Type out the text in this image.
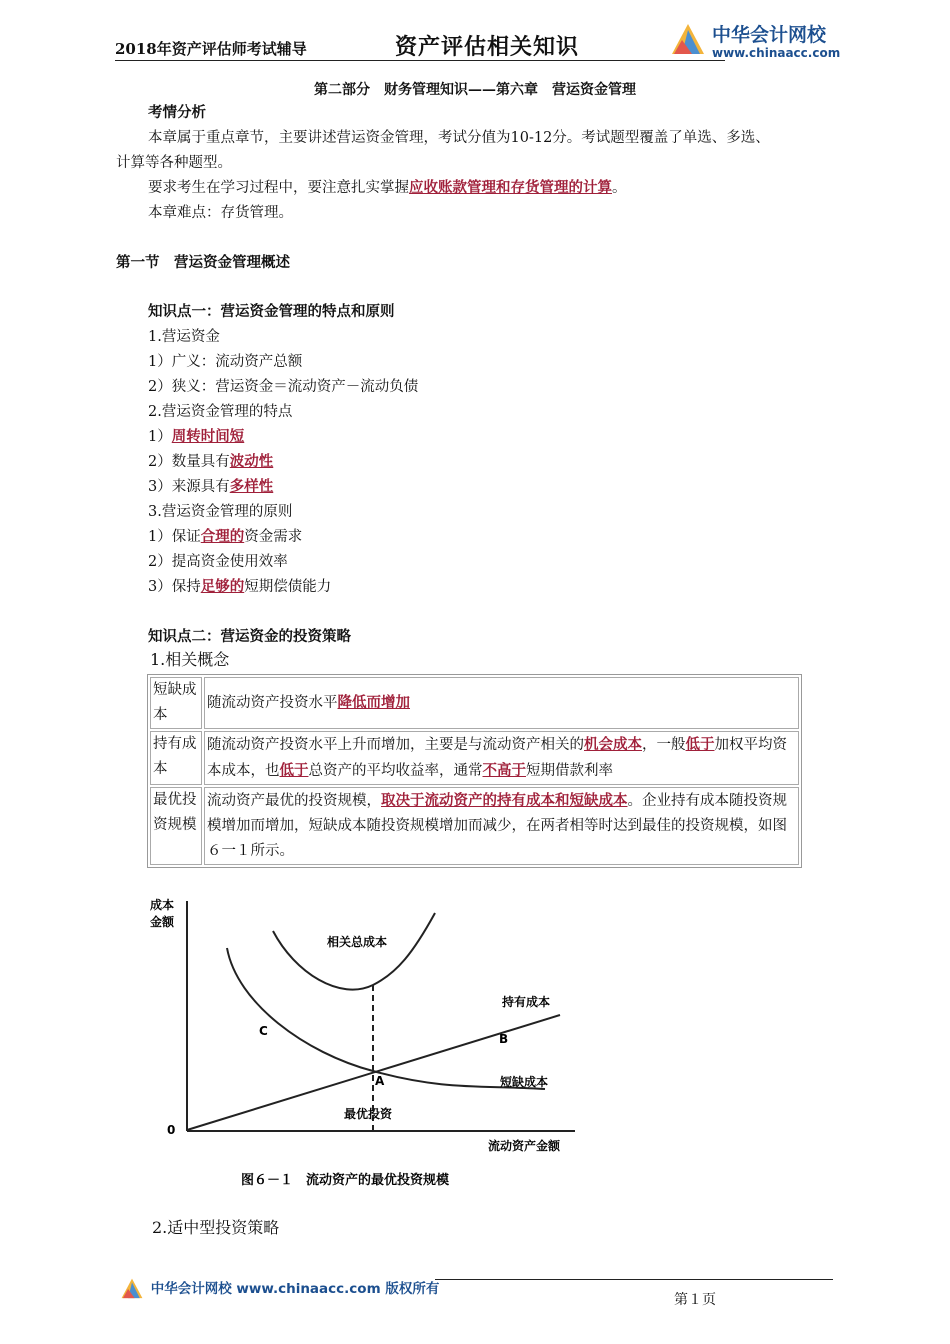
2018年资产评估师考试辅导	资产评估相关知识	中华会计网校
www.chinaacc.com
第二部分　财务管理知识——第六章　营运资金管理
考情分析
本章属于重点章节，主要讲述营运资金管理，考试分值为10-12分。考试题型覆盖了单选、多选、
计算等各种题型。
要求考生在学习过程中，要注意扎实掌握应收账款管理和存货管理的计算。
本章难点：存货管理。
第一节　营运资金管理概述
知识点一：营运资金管理的特点和原则
1.营运资金
1）广义：流动资产总额
2）狭义：营运资金＝流动资产－流动负债
2.营运资金管理的特点
1）周转时间短
2）数量具有波动性
3）来源具有多样性
3.营运资金管理的原则
1）保证合理的资金需求
2）提高资金使用效率
3）保持足够的短期偿债能力
知识点二：营运资金的投资策略
1.相关概念
短缺成本	随流动资产投资水平降低而增加
持有成本	随流动资产投资水平上升而增加，主要是与流动资产相关的机会成本，一般低于加权平均资本成本，也低于总资产的平均收益率，通常不高于短期借款利率
最优投资规模	流动资产最优的投资规模，取决于流动资产的持有成本和短缺成本。企业持有成本随投资规模增加而增加，短缺成本随投资规模增加而减少，在两者相等时达到最佳的投资规模，如图６一１所示。
成本
金额
0
流动资产金额
相关总成本
持有成本
短缺成本
C
B
A
最优投资
图６－１　流动资产的最优投资规模
2.适中型投资策略
中华会计网校 www.chinaacc.com 版权所有
第１页
